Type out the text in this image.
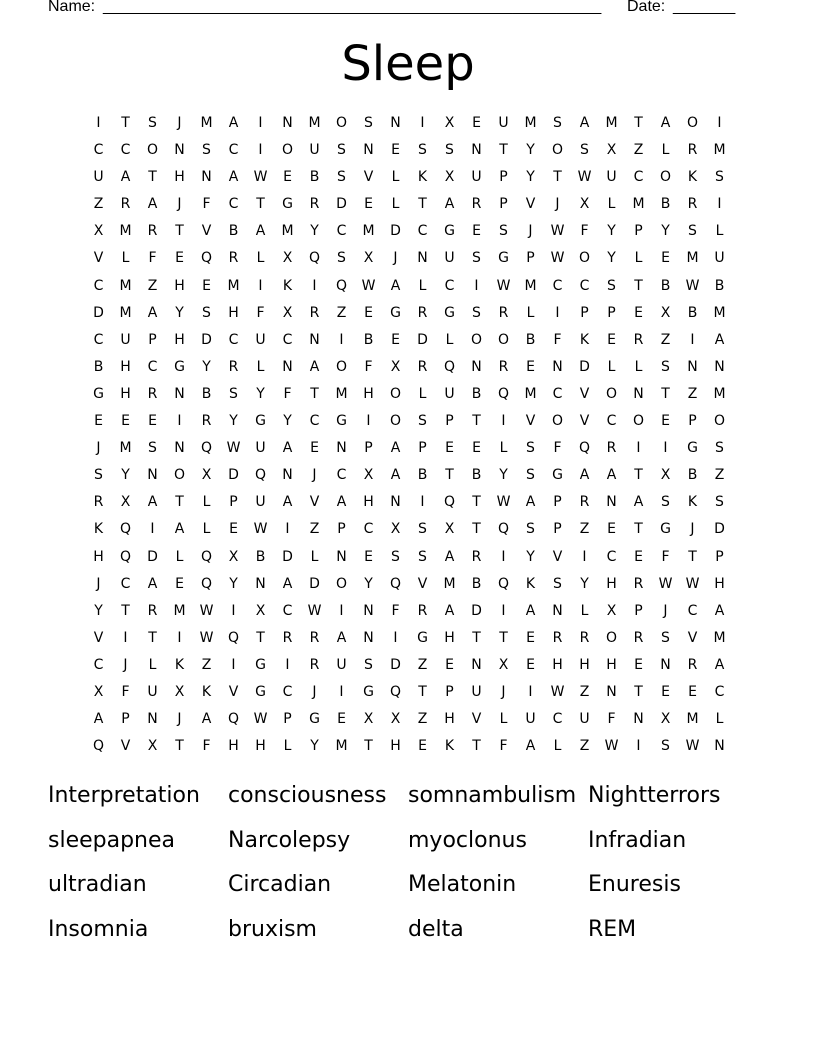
Name: ________________________________________________________ Date: _______
Sleep
I	T	S	J	M	A	I	N	M	O	S	N	I	X	E	U	M	S	A	M	T	A	O	I
C	C	O	N	S	C	I	O	U	S	N	E	S	S	N	T	Y	O	S	X	Z	L	R	M
U	A	T	H	N	A	W	E	B	S	V	L	K	X	U	P	Y	T	W	U	C	O	K	S
Z	R	A	J	F	C	T	G	R	D	E	L	T	A	R	P	V	J	X	L	M	B	R	I
X	M	R	T	V	B	A	M	Y	C	M	D	C	G	E	S	J	W	F	Y	P	Y	S	L
V	L	F	E	Q	R	L	X	Q	S	X	J	N	U	S	G	P	W	O	Y	L	E	M	U
C	M	Z	H	E	M	I	K	I	Q	W	A	L	C	I	W	M	C	C	S	T	B	W	B
D	M	A	Y	S	H	F	X	R	Z	E	G	R	G	S	R	L	I	P	P	E	X	B	M
C	U	P	H	D	C	U	C	N	I	B	E	D	L	O	O	B	F	K	E	R	Z	I	A
B	H	C	G	Y	R	L	N	A	O	F	X	R	Q	N	R	E	N	D	L	L	S	N	N
G	H	R	N	B	S	Y	F	T	M	H	O	L	U	B	Q	M	C	V	O	N	T	Z	M
E	E	E	I	R	Y	G	Y	C	G	I	O	S	P	T	I	V	O	V	C	O	E	P	O
J	M	S	N	Q	W	U	A	E	N	P	A	P	E	E	L	S	F	Q	R	I	I	G	S
S	Y	N	O	X	D	Q	N	J	C	X	A	B	T	B	Y	S	G	A	A	T	X	B	Z
R	X	A	T	L	P	U	A	V	A	H	N	I	Q	T	W	A	P	R	N	A	S	K	S
K	Q	I	A	L	E	W	I	Z	P	C	X	S	X	T	Q	S	P	Z	E	T	G	J	D
H	Q	D	L	Q	X	B	D	L	N	E	S	S	A	R	I	Y	V	I	C	E	F	T	P
J	C	A	E	Q	Y	N	A	D	O	Y	Q	V	M	B	Q	K	S	Y	H	R	W W	H
Y	T	R	M	W	I	X	C	W	I	N	F	R	A	D	I	A	N	L	X	P	J	C	A
V	I	T	I	W	Q	T	R	R	A	N	I	G	H	T	T	E	R	R	O	R	S	V	M
C	J	L	K	Z	I	G	I	R	U	S	D	Z	E	N	X	E	H	H	H	E	N	R	A
X	F	U	X	K	V	G	C	J	I	G	Q	T	P	U	J	I	W	Z	N	T	E	E	C
A	P	N	J	A	Q	W	P	G	E	X	X	Z	H	V	L	U	C	U	F	N	X	M	L
Q	V	X	T	F	H	H	L	Y	M	T	H	E	K	T	F	A	L	Z	W	I	S	W	N
Interpretation	consciousness somnambulism Nightterrors
sleepapnea	Narcolepsy	myoclonus	Infradian
ultradian	Circadian	Melatonin	Enuresis
Insomnia	bruxism	delta	REM
